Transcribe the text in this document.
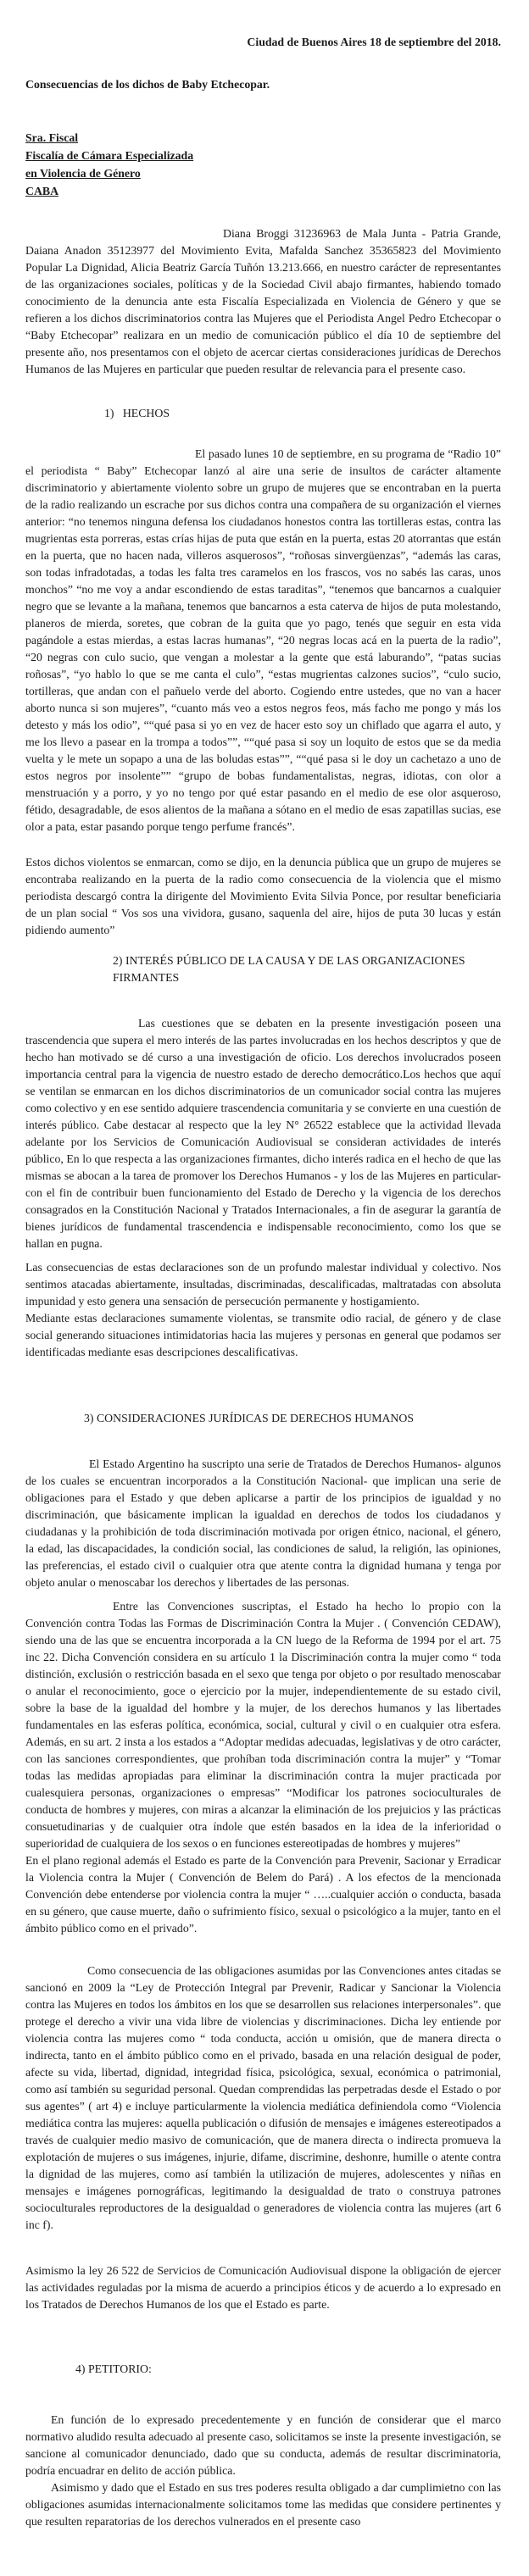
Ciudad de Buenos Aires 18 de septiembre del 2018.
Consecuencias de los dichos de Baby Etchecopar.
Sra. Fiscal
Fiscalía de Cámara Especializada
en Violencia de Género
CABA
Diana Broggi 31236963 de Mala Junta - Patria Grande, Daiana Anadon 35123977 del Movimiento Evita, Mafalda Sanchez 35365823 del Movimiento Popular La Dignidad, Alicia Beatriz García Tuñón 13.213.666, en nuestro carácter de representantes de las organizaciones sociales, políticas y de la Sociedad Civil abajo firmantes, habiendo tomado conocimiento de la denuncia ante esta Fiscalía Especializada en Violencia de Género y que se refieren a los dichos discriminatorios contra las Mujeres que el Periodista Angel Pedro Etchecopar o “Baby Etchecopar” realizara en un medio de comunicación público el día 10 de septiembre del presente año, nos presentamos con el objeto de acercar ciertas consideraciones jurídicas de Derechos Humanos de las Mujeres en particular que pueden resultar de relevancia para el presente caso.
1)   HECHOS
El pasado lunes 10 de septiembre, en su programa de “Radio 10” el periodista “ Baby” Etchecopar lanzó al aire una serie de insultos de carácter altamente discriminatorio y abiertamente violento sobre un grupo de mujeres que se encontraban en la puerta de la radio realizando un escrache por sus dichos contra una compañera de su organización el viernes anterior: “no tenemos ninguna defensa los ciudadanos honestos contra las tortilleras estas, contra las mugrientas esta porreras, estas crías hijas de puta que están en la puerta, estas 20 atorrantas que están en la puerta, que no hacen nada, villeros asquerosos”, “roñosas sinvergüenzas”, “además las caras, son todas infradotadas, a todas les falta tres caramelos en los frascos, vos no sabés las caras, unos monchos” “no me voy a andar escondiendo de estas taraditas”, “tenemos que bancarnos a cualquier negro que se levante a la mañana, tenemos que bancarnos a esta caterva de hijos de puta molestando, planeros de mierda, soretes, que cobran de la guita que yo pago, tenés que seguir en esta vida pagándole a estas mierdas, a estas lacras humanas”, “20 negras locas acá en la puerta de la radio”, “20 negras con culo sucio, que vengan a molestar a la gente que está laburando”, “patas sucias roñosas”, “yo hablo lo que se me canta el culo”, “estas mugrientas calzones sucios”, “culo sucio, tortilleras, que andan con el pañuelo verde del aborto. Cogiendo entre ustedes, que no van a hacer aborto nunca si son mujeres”, “cuanto más veo a estos negros feos, más facho me pongo y más los detesto y más los odio”, ““qué pasa si yo en vez de hacer esto soy un chiflado que agarra el auto, y me los llevo a pasear en la trompa a todos””, ““qué pasa si soy un loquito de estos que se da media vuelta y le mete un sopapo a una de las boludas estas””, ““qué pasa si le doy un cachetazo a uno de estos negros por insolente”” “grupo de bobas fundamentalistas, negras, idiotas, con olor a menstruación y a porro, y yo no tengo por qué estar pasando en el medio de ese olor asqueroso, fétido, desagradable, de esos alientos de la mañana a sótano en el medio de esas zapatillas sucias, ese olor a pata, estar pasando porque tengo perfume francés”.
Estos dichos violentos se enmarcan, como se dijo, en la denuncia pública que un grupo de mujeres se encontraba realizando en la puerta de la radio como consecuencia de la violencia que el mismo periodista descargó contra la dirigente del Movimiento Evita Silvia Ponce, por resultar beneficiaria de un plan social “ Vos sos una vividora, gusano, saquenla del aire, hijos de puta 30 lucas y están pidiendo aumento”
2) INTERÉS PÚBLICO DE LA CAUSA Y DE LAS ORGANIZACIONES FIRMANTES
Las cuestiones que se debaten en la presente investigación poseen una trascendencia que supera el mero interés de las partes involucradas en los hechos descriptos y que de hecho han motivado se dé curso a una investigación de oficio. Los derechos involucrados poseen importancia central para la vigencia de nuestro estado de derecho democrático.Los hechos que aquí se ventilan se enmarcan en los dichos discriminatorios de un comunicador social contra las mujeres como colectivo y en ese sentido adquiere trascendencia comunitaria y se convierte en una cuestión de interés público. Cabe destacar al respecto que la ley N° 26522 establece que la actividad llevada adelante por los Servicios de Comunicación Audiovisual se consideran actividades de interés público, En lo que respecta a las organizaciones firmantes, dicho interés radica en el hecho de que las mismas se abocan a la tarea de promover los Derechos Humanos - y los de las Mujeres en particular- con el fin de contribuir buen funcionamiento del Estado de Derecho y la vigencia de los derechos consagrados en la Constitución Nacional y Tratados Internacionales, a fin de asegurar la garantía de bienes jurídicos de fundamental trascendencia e indispensable reconocimiento, como los que se hallan en pugna.
Las consecuencias de estas declaraciones son de un profundo malestar individual y colectivo. Nos sentimos atacadas abiertamente, insultadas, discriminadas, descalificadas, maltratadas con absoluta impunidad y esto genera una sensación de persecución permanente y hostigamiento.
Mediante estas declaraciones sumamente violentas, se transmite odio racial, de género y de clase social generando situaciones intimidatorias hacia las mujeres y personas en general que podamos ser identificadas mediante esas descripciones descalificativas.
3) CONSIDERACIONES JURÍDICAS DE DERECHOS HUMANOS
El Estado Argentino ha suscripto una serie de Tratados de Derechos Humanos- algunos de los cuales se encuentran incorporados a la Constitución Nacional- que implican una serie de obligaciones para el Estado y que deben aplicarse a partir de los principios de igualdad y no discriminación, que básicamente implican la igualdad en derechos de todos los ciudadanos y ciudadanas y la prohibición de toda discriminación motivada por origen étnico, nacional, el género, la edad, las discapacidades, la condición social, las condiciones de salud, la religión, las opiniones, las preferencias, el estado civil o cualquier otra que atente contra la dignidad humana y tenga por objeto anular o menoscabar los derechos y libertades de las personas.
Entre las Convenciones suscriptas, el Estado ha hecho lo propio con la Convención contra Todas las Formas de Discriminación Contra la Mujer . ( Convención CEDAW), siendo una de las que se encuentra incorporada a la CN luego de la Reforma de 1994 por el art. 75 inc 22. Dicha Convención considera en su artículo 1 la Discriminación contra la mujer como “ toda distinción, exclusión o restricción basada en el sexo que tenga por objeto o por resultado menoscabar o anular el reconocimiento, goce o ejercicio por la mujer, independientemente de su estado civil, sobre la base de la igualdad del hombre y la mujer, de los derechos humanos y las libertades fundamentales en las esferas política, económica, social, cultural y civil o en cualquier otra esfera. Además, en su art. 2 insta a los estados a “Adoptar medidas adecuadas, legislativas y de otro carácter, con las sanciones correspondientes, que prohíban toda discriminación contra la mujer” y “Tomar todas las medidas apropiadas para eliminar la discriminación contra la mujer practicada por cualesquiera personas, organizaciones o empresas” “Modificar los patrones socioculturales de conducta de hombres y mujeres, con miras a alcanzar la eliminación de los prejuicios y las prácticas consuetudinarias y de cualquier otra índole que estén basados en la idea de la inferioridad o superioridad de cualquiera de los sexos o en funciones estereotipadas de hombres y mujeres”
En el plano regional además el Estado es parte de la Convención para Prevenir, Sacionar y Erradicar la Violencia contra la Mujer ( Convención de Belem do Pará) . A los efectos de la mencionada Convención debe entenderse por violencia contra la mujer “ …..cualquier acción o conducta, basada en su género, que cause muerte, daño o sufrimiento físico, sexual o psicológico a la mujer, tanto en el ámbito público como en el privado”.
Como consecuencia de las obligaciones asumidas por las Convenciones antes citadas se sancionó en 2009 la “Ley de Protección Integral par Prevenir, Radicar y Sancionar la Violencia contra las Mujeres en todos los ámbitos en los que se desarrollen sus relaciones interpersonales”. que protege el derecho a vivir una vida libre de violencias y discriminaciones. Dicha ley entiende por violencia contra las mujeres como “ toda conducta, acción u omisión, que de manera directa o indirecta, tanto en el ámbito público como en el privado, basada en una relación desigual de poder, afecte su vida, libertad, dignidad, integridad física, psicológica, sexual, económica o patrimonial, como así también su seguridad personal. Quedan comprendidas las perpetradas desde el Estado o por sus agentes” ( art 4) e incluye particularmente la violencia mediática definiendola como “Violencia mediática contra las mujeres: aquella publicación o difusión de mensajes e imágenes estereotipados a través de cualquier medio masivo de comunicación, que de manera directa o indirecta promueva la explotación de mujeres o sus imágenes, injurie, difame, discrimine, deshonre, humille o atente contra la dignidad de las mujeres, como así también la utilización de mujeres, adolescentes y niñas en mensajes e imágenes pornográficas, legitimando la desigualdad de trato o construya patrones socioculturales reproductores de la desigualdad o generadores de violencia contra las mujeres (art 6 inc f).
Asimismo la ley 26 522 de Servicios de Comunicación Audiovisual dispone la obligación de ejercer las actividades reguladas por la misma de acuerdo a principios éticos y de acuerdo a lo expresado en los Tratados de Derechos Humanos de los que el Estado es parte.
4) PETITORIO:
En función de lo expresado precedentemente y en función de considerar que el marco normativo aludido resulta adecuado al presente caso, solicitamos se inste la presente investigación, se sancione al comunicador denunciado, dado que su conducta, además de resultar discriminatoria, podría encuadrar en delito de acción pública.
Asimismo y dado que el Estado en sus tres poderes resulta obligado a dar cumplimietno con las obligaciones asumidas internacionalmente solicitamos tome las medidas que considere pertinentes y que resulten reparatorias de los derechos vulnerados en el presente caso
